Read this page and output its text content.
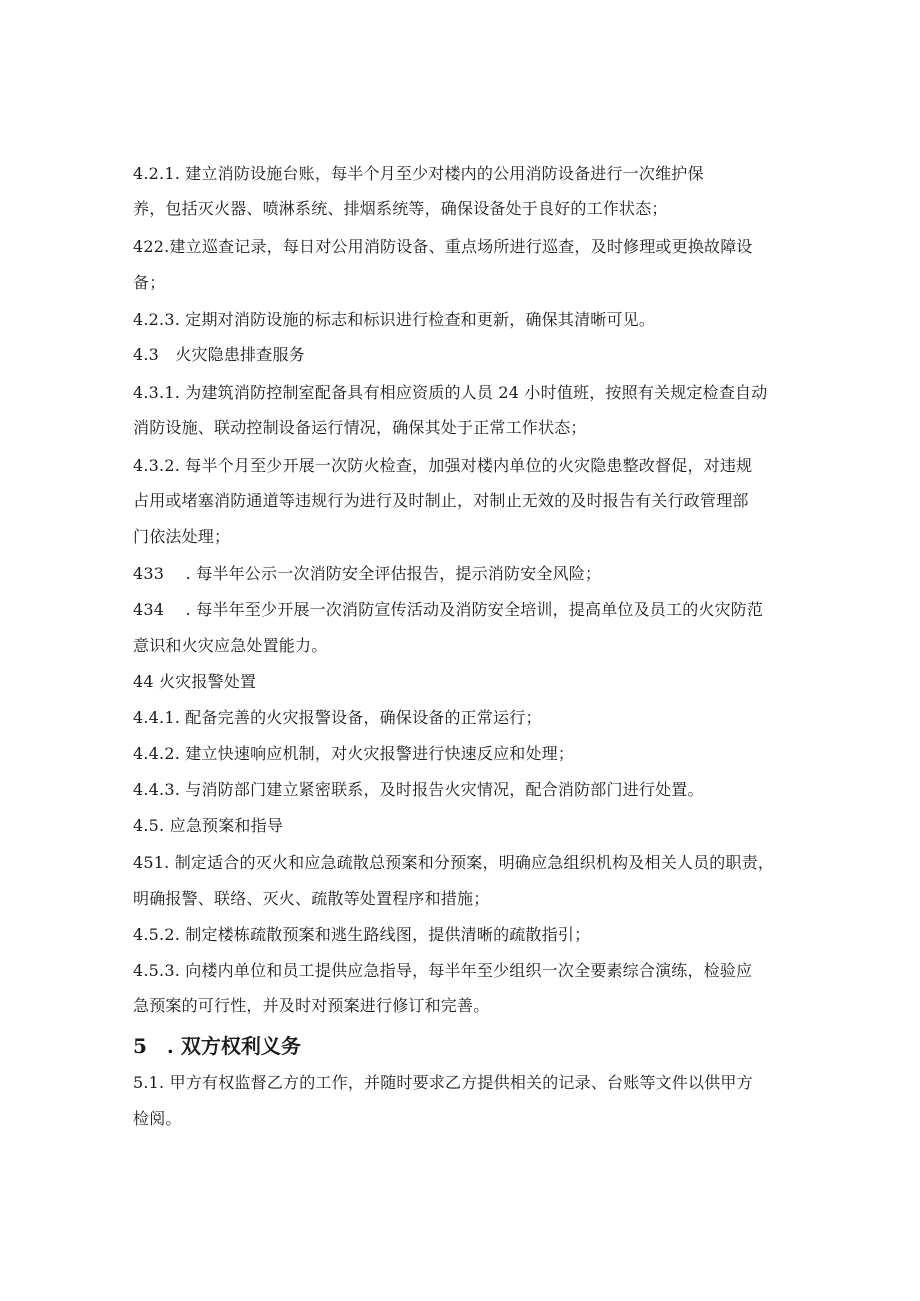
4.2.1. 建立消防设施台账，每半个月至少对楼内的公用消防设备进行一次维护保
养，包括灭火器、喷淋系统、排烟系统等，确保设备处于良好的工作状态；
422.建立巡查记录，每日对公用消防设备、重点场所进行巡查，及时修理或更换故障设
备；
4.2.3. 定期对消防设施的标志和标识进行检查和更新，确保其清晰可见。
4.3　火灾隐患排查服务
4.3.1. 为建筑消防控制室配备具有相应资质的人员 24 小时值班，按照有关规定检查自动
消防设施、联动控制设备运行情况，确保其处于正常工作状态；
4.3.2. 每半个月至少开展一次防火检查，加强对楼内单位的火灾隐患整改督促，对违规
占用或堵塞消防通道等违规行为进行及时制止，对制止无效的及时报告有关行政管理部
门依法处理；
433　 . 每半年公示一次消防安全评估报告，提示消防安全风险；
434　 . 每半年至少开展一次消防宣传活动及消防安全培训，提高单位及员工的火灾防范
意识和火灾应急处置能力。
44 火灾报警处置
4.4.1. 配备完善的火灾报警设备，确保设备的正常运行；
4.4.2. 建立快速响应机制，对火灾报警进行快速反应和处理；
4.4.3. 与消防部门建立紧密联系，及时报告火灾情况，配合消防部门进行处置。
4.5. 应急预案和指导
451. 制定适合的灭火和应急疏散总预案和分预案，明确应急组织机构及相关人员的职责，
明确报警、联络、灭火、疏散等处置程序和措施；
4.5.2. 制定楼栋疏散预案和逃生路线图，提供清晰的疏散指引；
4.5.3. 向楼内单位和员工提供应急指导，每半年至少组织一次全要素综合演练，检验应
急预案的可行性，并及时对预案进行修订和完善。
5　. 双方权利义务
5.1. 甲方有权监督乙方的工作，并随时要求乙方提供相关的记录、台账等文件以供甲方
检阅。
